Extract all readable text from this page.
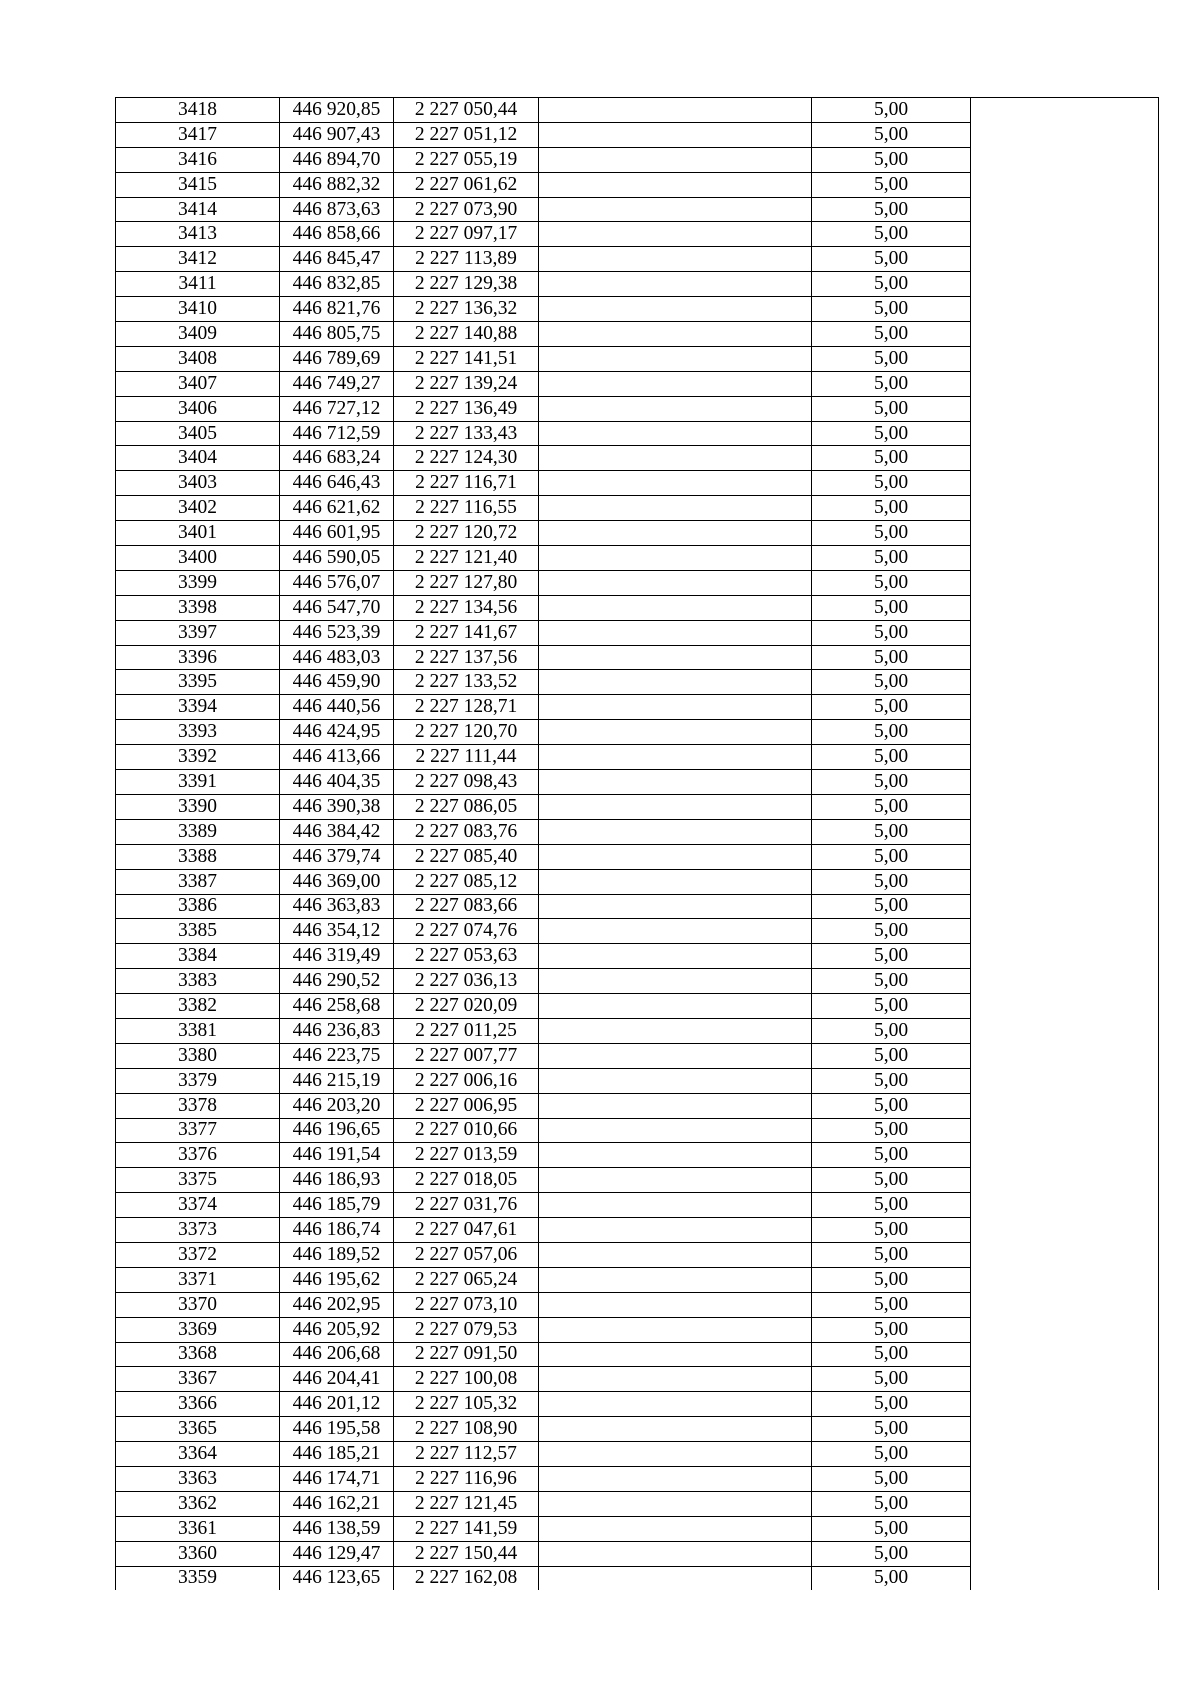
3418	446 920,85	2 227 050,44		5,00	
3417	446 907,43	2 227 051,12		5,00	
3416	446 894,70	2 227 055,19		5,00	
3415	446 882,32	2 227 061,62		5,00	
3414	446 873,63	2 227 073,90		5,00	
3413	446 858,66	2 227 097,17		5,00	
3412	446 845,47	2 227 113,89		5,00	
3411	446 832,85	2 227 129,38		5,00	
3410	446 821,76	2 227 136,32		5,00	
3409	446 805,75	2 227 140,88		5,00	
3408	446 789,69	2 227 141,51		5,00	
3407	446 749,27	2 227 139,24		5,00	
3406	446 727,12	2 227 136,49		5,00	
3405	446 712,59	2 227 133,43		5,00	
3404	446 683,24	2 227 124,30		5,00	
3403	446 646,43	2 227 116,71		5,00	
3402	446 621,62	2 227 116,55		5,00	
3401	446 601,95	2 227 120,72		5,00	
3400	446 590,05	2 227 121,40		5,00	
3399	446 576,07	2 227 127,80		5,00	
3398	446 547,70	2 227 134,56		5,00	
3397	446 523,39	2 227 141,67		5,00	
3396	446 483,03	2 227 137,56		5,00	
3395	446 459,90	2 227 133,52		5,00	
3394	446 440,56	2 227 128,71		5,00	
3393	446 424,95	2 227 120,70		5,00	
3392	446 413,66	2 227 111,44		5,00	
3391	446 404,35	2 227 098,43		5,00	
3390	446 390,38	2 227 086,05		5,00	
3389	446 384,42	2 227 083,76		5,00	
3388	446 379,74	2 227 085,40		5,00	
3387	446 369,00	2 227 085,12		5,00	
3386	446 363,83	2 227 083,66		5,00	
3385	446 354,12	2 227 074,76		5,00	
3384	446 319,49	2 227 053,63		5,00	
3383	446 290,52	2 227 036,13		5,00	
3382	446 258,68	2 227 020,09		5,00	
3381	446 236,83	2 227 011,25		5,00	
3380	446 223,75	2 227 007,77		5,00	
3379	446 215,19	2 227 006,16		5,00	
3378	446 203,20	2 227 006,95		5,00	
3377	446 196,65	2 227 010,66		5,00	
3376	446 191,54	2 227 013,59		5,00	
3375	446 186,93	2 227 018,05		5,00	
3374	446 185,79	2 227 031,76		5,00	
3373	446 186,74	2 227 047,61		5,00	
3372	446 189,52	2 227 057,06		5,00	
3371	446 195,62	2 227 065,24		5,00	
3370	446 202,95	2 227 073,10		5,00	
3369	446 205,92	2 227 079,53		5,00	
3368	446 206,68	2 227 091,50		5,00	
3367	446 204,41	2 227 100,08		5,00	
3366	446 201,12	2 227 105,32		5,00	
3365	446 195,58	2 227 108,90		5,00	
3364	446 185,21	2 227 112,57		5,00	
3363	446 174,71	2 227 116,96		5,00	
3362	446 162,21	2 227 121,45		5,00	
3361	446 138,59	2 227 141,59		5,00	
3360	446 129,47	2 227 150,44		5,00	
3359	446 123,65	2 227 162,08		5,00	
